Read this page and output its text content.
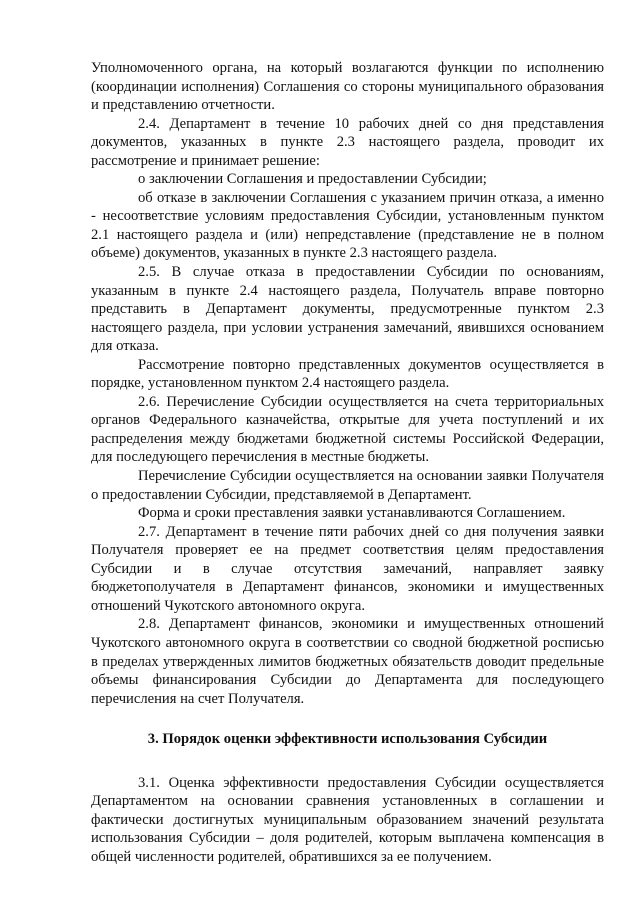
Уполномоченного органа, на который возлагаются функции по исполнению (координации исполнения) Соглашения со стороны муниципального образования и представлению отчетности.

2.4. Департамент в течение 10 рабочих дней со дня представления документов, указанных в пункте 2.3 настоящего раздела, проводит их рассмотрение и принимает решение:

о заключении Соглашения и предоставлении Субсидии;

об отказе в заключении Соглашения с указанием причин отказа, а именно - несоответствие условиям предоставления Субсидии, установленным пунктом 2.1 настоящего раздела и (или) непредставление (представление не в полном объеме) документов, указанных в пункте 2.3 настоящего раздела.

2.5. В случае отказа в предоставлении Субсидии по основаниям, указанным в пункте 2.4 настоящего раздела, Получатель вправе повторно представить в Департамент документы, предусмотренные пунктом 2.3 настоящего раздела, при условии устранения замечаний, явившихся основанием для отказа.

Рассмотрение повторно представленных документов осуществляется в порядке, установленном пунктом 2.4 настоящего раздела.

2.6. Перечисление Субсидии осуществляется на счета территориальных органов Федерального казначейства, открытые для учета поступлений и их распределения между бюджетами бюджетной системы Российской Федерации, для последующего перечисления в местные бюджеты.

Перечисление Субсидии осуществляется на основании заявки Получателя о предоставлении Субсидии, представляемой в Департамент.

Форма и сроки преставления заявки устанавливаются Соглашением.

2.7. Департамент в течение пяти рабочих дней со дня получения заявки Получателя проверяет ее на предмет соответствия целям предоставления Субсидии и в случае отсутствия замечаний, направляет заявку бюджетополучателя в Департамент финансов, экономики и имущественных отношений Чукотского автономного округа.

2.8. Департамент финансов, экономики и имущественных отношений Чукотского автономного округа в соответствии со сводной бюджетной росписью в пределах утвержденных лимитов бюджетных обязательств доводит предельные объемы финансирования Субсидии до Департамента для последующего перечисления на счет Получателя.

3. Порядок оценки эффективности использования Субсидии

3.1. Оценка эффективности предоставления Субсидии осуществляется Департаментом на основании сравнения установленных в соглашении и фактически достигнутых муниципальным образованием значений результата использования Субсидии – доля родителей, которым выплачена компенсация в общей численности родителей, обратившихся за ее получением.
